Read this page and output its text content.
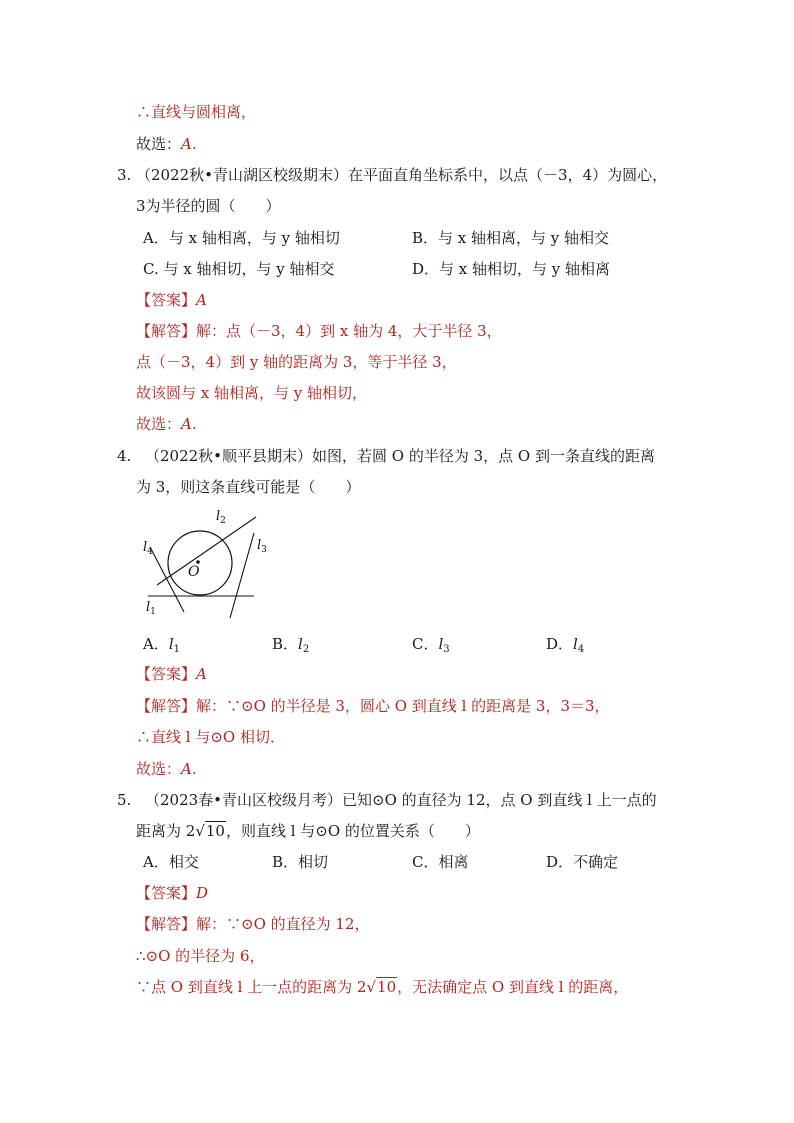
∴直线与圆相离，
故选：A.
3. （2022秋•青山湖区校级期末）在平面直角坐标系中，以点（－3，4）为圆心，
3为半径的圆（　　）
A．与 x 轴相离，与 y 轴相切	B．与 x 轴相离，与 y 轴相交
C. 与 x 轴相切，与 y 轴相交	D．与 x 轴相切，与 y 轴相离
【答案】A
【解答】解：点（－3，4）到 x 轴为 4，大于半径 3，
点（－3，4）到 y 轴的距离为 3，等于半径 3，
故该圆与 x 轴相离，与 y 轴相切，
故选：A.
4. （2022秋•顺平县期末）如图，若圆 O 的半径为 3，点 O 到一条直线的距离
为 3，则这条直线可能是（　　）
O
$l_1$
$l_2$
$l_3$
$l_4$
A．$l_1$	B．$l_2$	C．$l_3$	D．$l_4$
【答案】A
【解答】解：∵⊙O 的半径是 3，圆心 O 到直线 l 的距离是 3，3＝3，
∴直线 l 与⊙O 相切．
故选：A.
5. （2023春•青山区校级月考）已知⊙O 的直径为 12，点 O 到直线 l 上一点的
距离为 2√10，则直线 l 与⊙O 的位置关系（　　）
A．相交	B．相切	C．相离	D．不确定
【答案】D
【解答】解：∵⊙O 的直径为 12，
∴⊙O 的半径为 6，
∵点 O 到直线 l 上一点的距离为 2√10，无法确定点 O 到直线 l 的距离，
